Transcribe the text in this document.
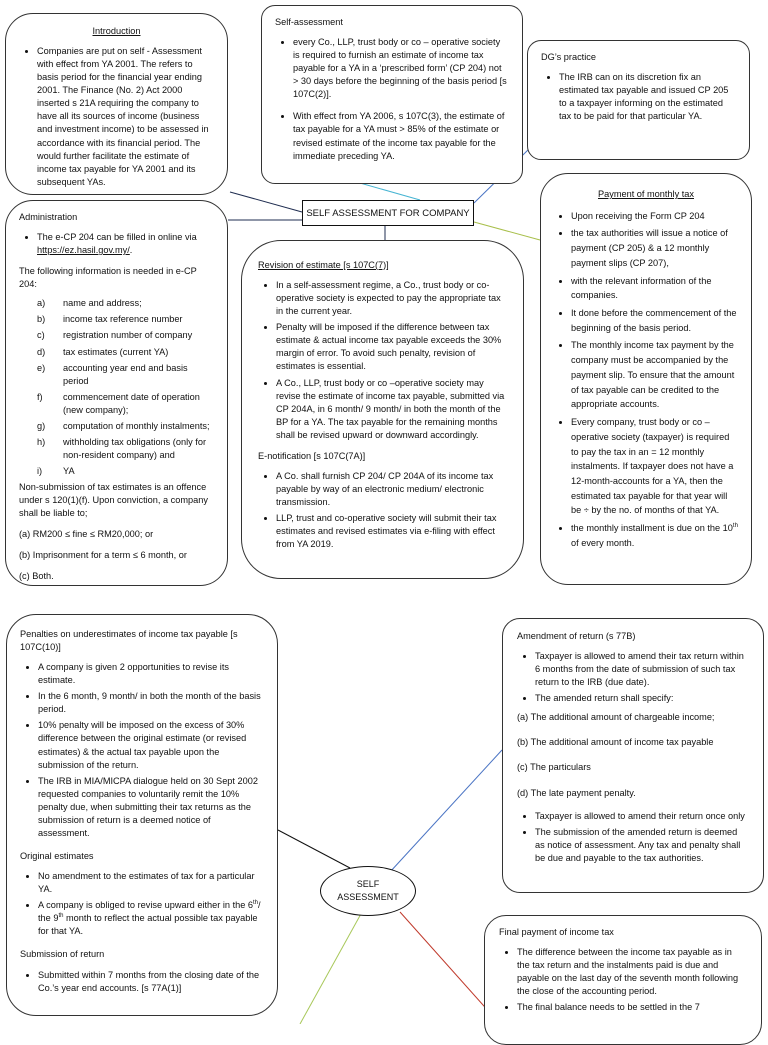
Introduction
• Companies are put on self - Assessment with effect from YA 2001. The refers to basis period for the financial year ending 2001. The Finance (No. 2) Act 2000 inserted s 21A requiring the company to have all its sources of income (business and investment income) to be assessed in accordance with its financial period. The would further facilitate the estimate of income tax payable for YA 2001 and its subsequent YAs.
Self-assessment
• every Co., LLP, trust body or co – operative society is required to furnish an estimate of income tax payable for a YA in a ‘prescribed form’ (CP 204) not > 30 days before the beginning of the basis period [s 107C(2)].
• With effect from YA 2006, s 107C(3), the estimate of tax payable for a YA must > 85% of the estimate or revised estimate of the income tax payable for the immediate preceding YA.
DG’s practice
• The IRB can on its discretion fix an estimated tax payable and issued CP 205 to a taxpayer informing on the estimated tax to be paid for that particular YA.
SELF ASSESSMENT FOR COMPANY
Administration
• The e-CP 204 can be filled in online via https://ez.hasil.gov.my/.

The following information is needed in e-CP 204:

a)	name and address;
b)	income tax reference number
c)	registration number of company
d)	tax estimates (current YA)
e)	accounting year end and basis period
f)	commencement date of operation (new company);
g)	computation of monthly instalments;
h)	withholding tax obligations (only for non-resident company) and
i)	YA

Non-submission of tax estimates is an offence under s 120(1)(f). Upon conviction, a company shall be liable to;

(a) RM200 ≤ fine ≤ RM20,000; or

(b) Imprisonment for a term ≤ 6 month, or

(c) Both.

Revision of estimate [s 107C(7)]
• In a self-assessment regime, a Co., trust body or co-operative society is expected to pay the appropriate tax in the current year.
• Penalty will be imposed if the difference between tax estimate & actual income tax payable exceeds the 30% margin of error. To avoid such penalty, revision of estimates is essential.
• A Co., LLP, trust body or co –operative society may revise the estimate of income tax payable, submitted via CP 204A, in 6 month/ 9 month/ in both the month of the BP for a YA. The tax payable for the remaining months shall be revised upward or downward accordingly.
E-notification [s 107C(7A)]
• A Co. shall furnish CP 204/ CP 204A of its income tax payable by way of an electronic medium/ electronic transmission.
• LLP, trust and co-operative society will submit their tax estimates and revised estimates via e-filing with effect from YA 2019.
Payment of monthly tax
• Upon receiving the Form CP 204
• the tax authorities will issue a notice of payment (CP 205) & a 12 monthly payment slips (CP 207),
• with the relevant information of the companies.
• It done before the commencement of the beginning of the basis period.
• The monthly income tax payment by the company must be accompanied by the payment slip. To ensure that the amount of tax payable can be credited to the appropriate accounts.
• Every company, trust body or co – operative society (taxpayer) is required to pay the tax in an = 12 monthly instalments. If taxpayer does not have a 12-month-accounts for a YA, then the estimated tax payable for that year will be ÷ by the no. of months of that YA.
• the monthly installment is due on the 10th of every month.
Penalties on underestimates of income tax payable [s 107C(10)]
• A company is given 2 opportunities to revise its estimate.
• In the 6 month, 9 month/ in both the month of the basis period.
• 10% penalty will be imposed on the excess of 30% difference between the original estimate (or revised estimates) & the actual tax payable upon the submission of the return.
• The IRB in MIA/MICPA dialogue held on 30 Sept 2002 requested companies to voluntarily remit the 10% penalty due, when submitting their tax returns as the submission of return is a deemed notice of assessment.
Original estimates
• No amendment to the estimates of tax for a particular YA.
• A company is obliged to revise upward either in the 6th/ the 9th month to reflect the actual possible tax payable for that YA.
Submission of return
• Submitted within 7 months from the closing date of the Co.’s year end accounts. [s 77A(1)]
SELF
ASSESSMENT
Amendment of return (s 77B)
• Taxpayer is allowed to amend their tax return within 6 months from the date of submission of such tax return to the IRB (due date).
• The amended return shall specify:

(a) The additional amount of chargeable income;

(b) The additional amount of income tax payable

(c) The particulars

(d) The late payment penalty.

• Taxpayer is allowed to amend their return once only
• The submission of the amended return is deemed as notice of assessment. Any tax and penalty shall be due and payable to the tax authorities.
Final payment of income tax
• The difference between the income tax payable as in the tax return and the instalments paid is due and payable on the last day of the seventh month following the close of the accounting period.
• The final balance needs to be settled in the 7
